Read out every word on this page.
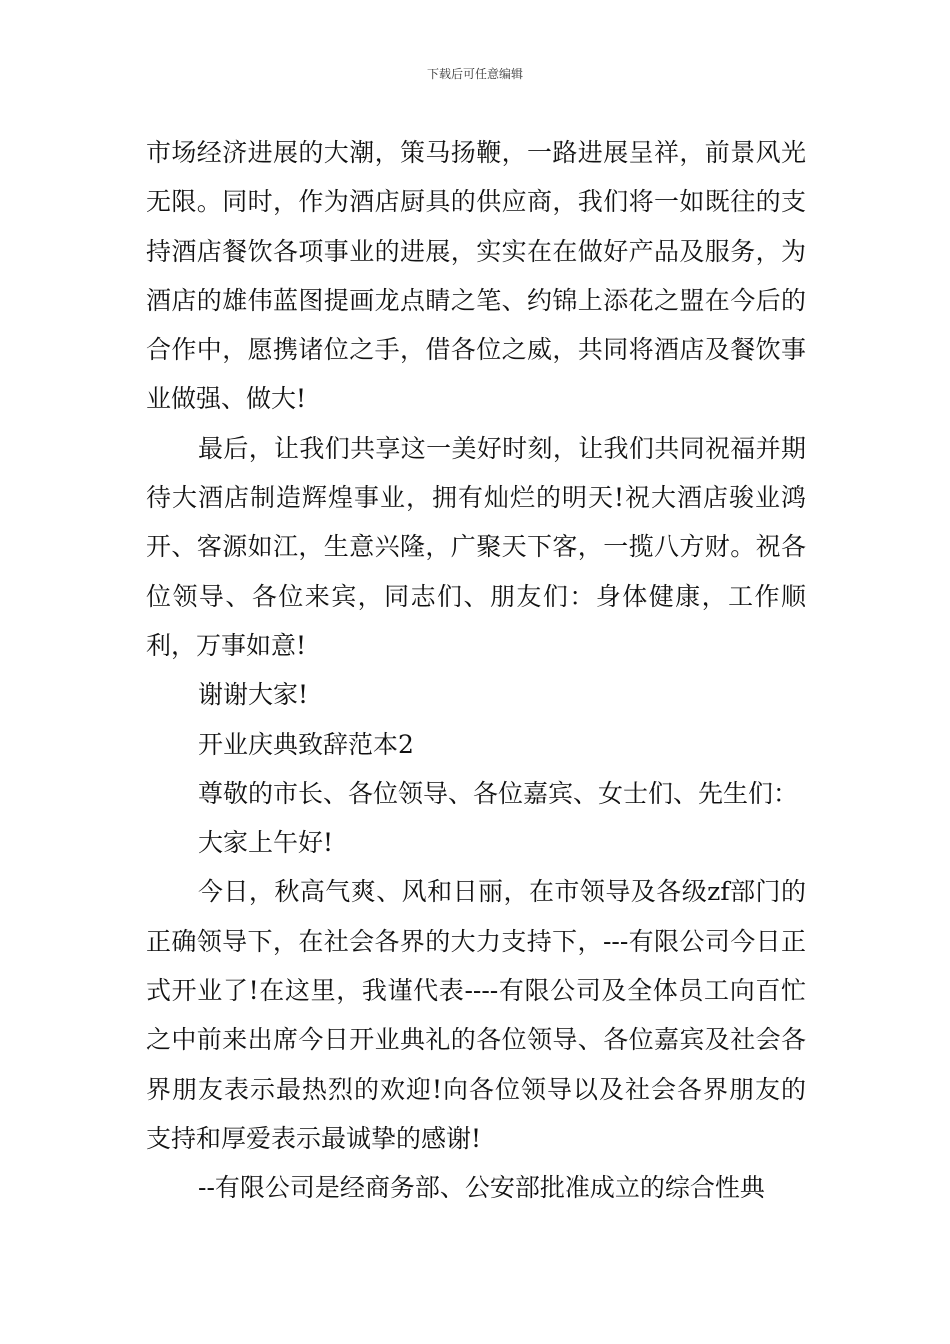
下载后可任意编辑

市场经济进展的大潮，策马扬鞭，一路进展呈祥，前景风光无限。同时，作为酒店厨具的供应商，我们将一如既往的支持酒店餐饮各项事业的进展，实实在在做好产品及服务，为酒店的雄伟蓝图提画龙点睛之笔、约锦上添花之盟在今后的合作中，愿携诸位之手，借各位之威，共同将酒店及餐饮事业做强、做大!

最后，让我们共享这一美好时刻，让我们共同祝福并期待大酒店制造辉煌事业，拥有灿烂的明天!祝大酒店骏业鸿开、客源如江，生意兴隆，广聚天下客，一揽八方财。祝各位领导、各位来宾，同志们、朋友们：身体健康，工作顺利，万事如意!

谢谢大家!

开业庆典致辞范本2

尊敬的市长、各位领导、各位嘉宾、女士们、先生们：

大家上午好!

今日，秋高气爽、风和日丽，在市领导及各级zf部门的正确领导下，在社会各界的大力支持下，---有限公司今日正式开业了!在这里，我谨代表----有限公司及全体员工向百忙之中前来出席今日开业典礼的各位领导、各位嘉宾及社会各界朋友表示最热烈的欢迎!向各位领导以及社会各界朋友的支持和厚爱表示最诚挚的感谢!

--有限公司是经商务部、公安部批准成立的综合性典
